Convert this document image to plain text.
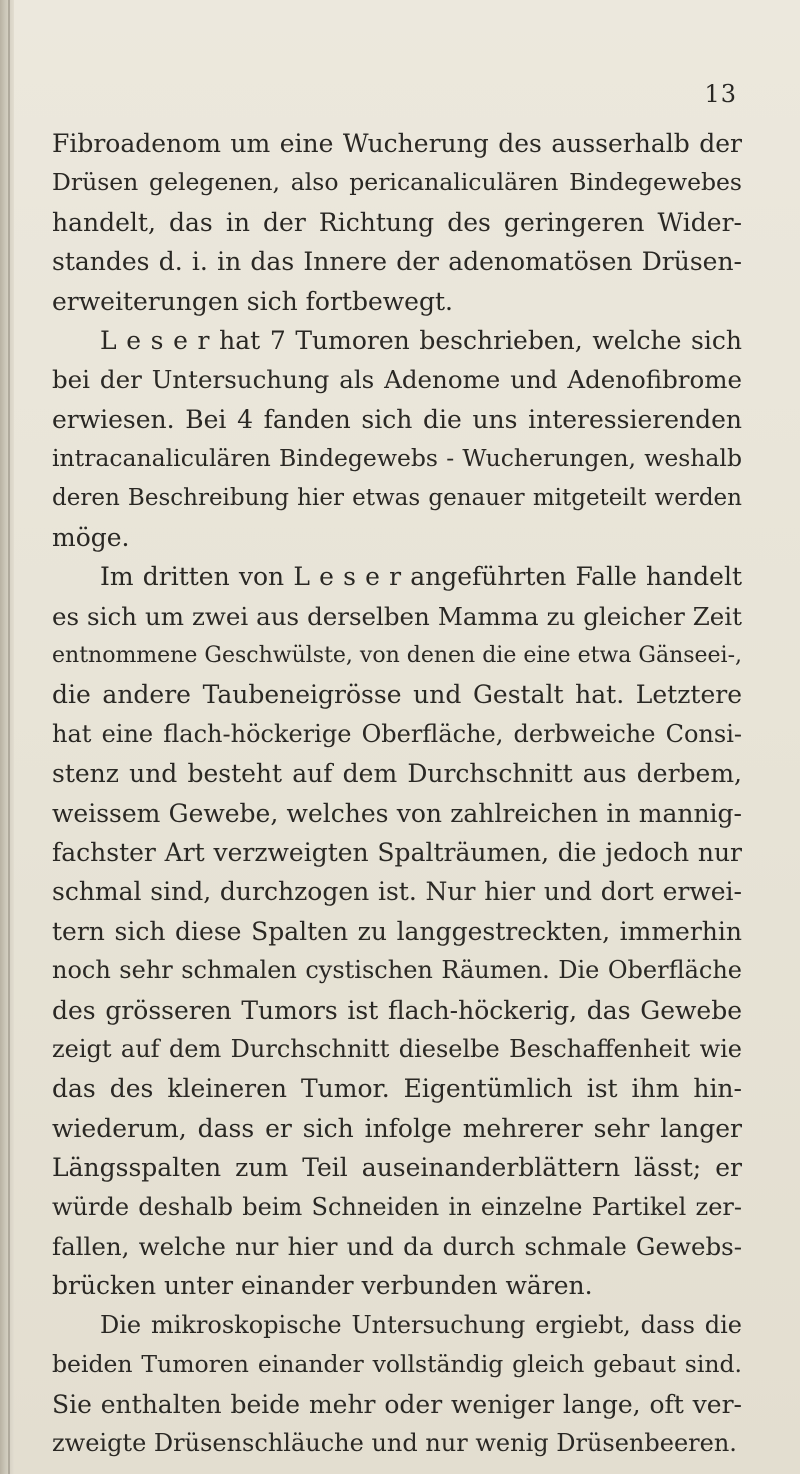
13
Fibroadenom um eine Wucherung des ausserhalb der
Drüsen gelegenen, also pericanaliculären Bindegewebes
handelt, das in der Richtung des geringeren Wider-
standes d. i. in das Innere der adenomatösen Drüsen-
erweiterungen sich fortbewegt.
L e s e r hat 7 Tumoren beschrieben, welche sich
bei der Untersuchung als Adenome und Adenofibrome
erwiesen. Bei 4 fanden sich die uns interessierenden
intracanaliculären Bindegewebs - Wucherungen, weshalb
deren Beschreibung hier etwas genauer mitgeteilt werden
möge.
Im dritten von L e s e r angeführten Falle handelt
es sich um zwei aus derselben Mamma zu gleicher Zeit
entnommene Geschwülste, von denen die eine etwa Gänseei-,
die andere Taubeneigrösse und Gestalt hat. Letztere
hat eine flach-höckerige Oberfläche, derbweiche Consi-
stenz und besteht auf dem Durchschnitt aus derbem,
weissem Gewebe, welches von zahlreichen in mannig-
fachster Art verzweigten Spalträumen, die jedoch nur
schmal sind, durchzogen ist. Nur hier und dort erwei-
tern sich diese Spalten zu langgestreckten, immerhin
noch sehr schmalen cystischen Räumen. Die Oberfläche
des grösseren Tumors ist flach-höckerig, das Gewebe
zeigt auf dem Durchschnitt dieselbe Beschaffenheit wie
das des kleineren Tumor. Eigentümlich ist ihm hin-
wiederum, dass er sich infolge mehrerer sehr langer
Längsspalten zum Teil auseinanderblättern lässt; er
würde deshalb beim Schneiden in einzelne Partikel zer-
fallen, welche nur hier und da durch schmale Gewebs-
brücken unter einander verbunden wären.
Die mikroskopische Untersuchung ergiebt, dass die
beiden Tumoren einander vollständig gleich gebaut sind.
Sie enthalten beide mehr oder weniger lange, oft ver-
zweigte Drüsenschläuche und nur wenig Drüsenbeeren.
